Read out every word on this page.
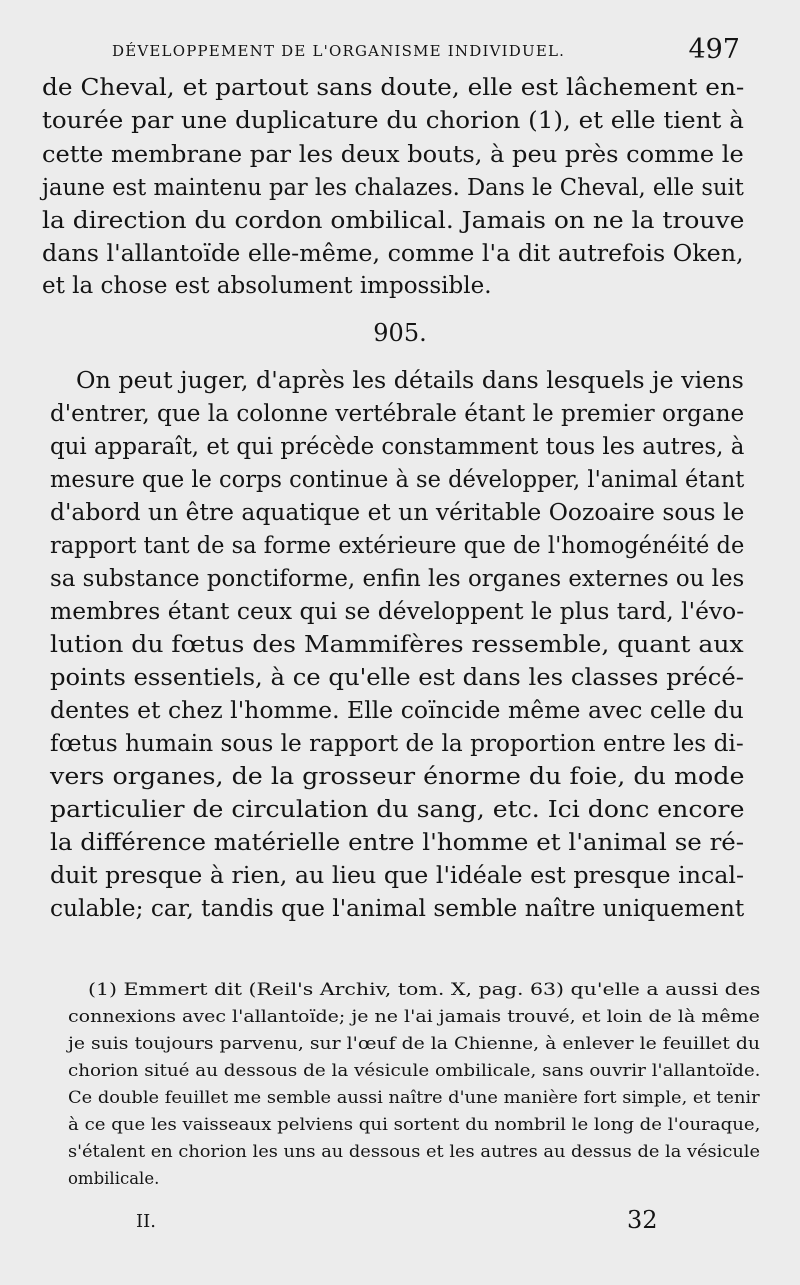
DÉVELOPPEMENT DE L'ORGANISME INDIVIDUEL.	497
de Cheval, et partout sans doute, elle est lâchement en-
tourée par une duplicature du chorion (1), et elle tient à
cette membrane par les deux bouts, à peu près comme le
jaune est maintenu par les chalazes. Dans le Cheval, elle suit
la direction du cordon ombilical. Jamais on ne la trouve
dans l'allantoïde elle-même, comme l'a dit autrefois Oken,
et la chose est absolument impossible.
905.
On peut juger, d'après les détails dans lesquels je viens
d'entrer, que la colonne vertébrale étant le premier organe
qui apparaît, et qui précède constamment tous les autres, à
mesure que le corps continue à se développer, l'animal étant
d'abord un être aquatique et un véritable Oozoaire sous le
rapport tant de sa forme extérieure que de l'homogénéité de
sa substance ponctiforme, enfin les organes externes ou les
membres étant ceux qui se développent le plus tard, l'évo-
lution du fœtus des Mammifères ressemble, quant aux
points essentiels, à ce qu'elle est dans les classes précé-
dentes et chez l'homme. Elle coïncide même avec celle du
fœtus humain sous le rapport de la proportion entre les di-
vers organes, de la grosseur énorme du foie, du mode
particulier de circulation du sang, etc. Ici donc encore
la différence matérielle entre l'homme et l'animal se ré-
duit presque à rien, au lieu que l'idéale est presque incal-
culable; car, tandis que l'animal semble naître uniquement
(1) Emmert dit (Reil's Archiv, tom. X, pag. 63) qu'elle a aussi des
connexions avec l'allantoïde; je ne l'ai jamais trouvé, et loin de là même
je suis toujours parvenu, sur l'œuf de la Chienne, à enlever le feuillet du
chorion situé au dessous de la vésicule ombilicale, sans ouvrir l'allantoïde.
Ce double feuillet me semble aussi naître d'une manière fort simple, et tenir
à ce que les vaisseaux pelviens qui sortent du nombril le long de l'ouraque,
s'étalent en chorion les uns au dessous et les autres au dessus de la vésicule
ombilicale.
II.	32
